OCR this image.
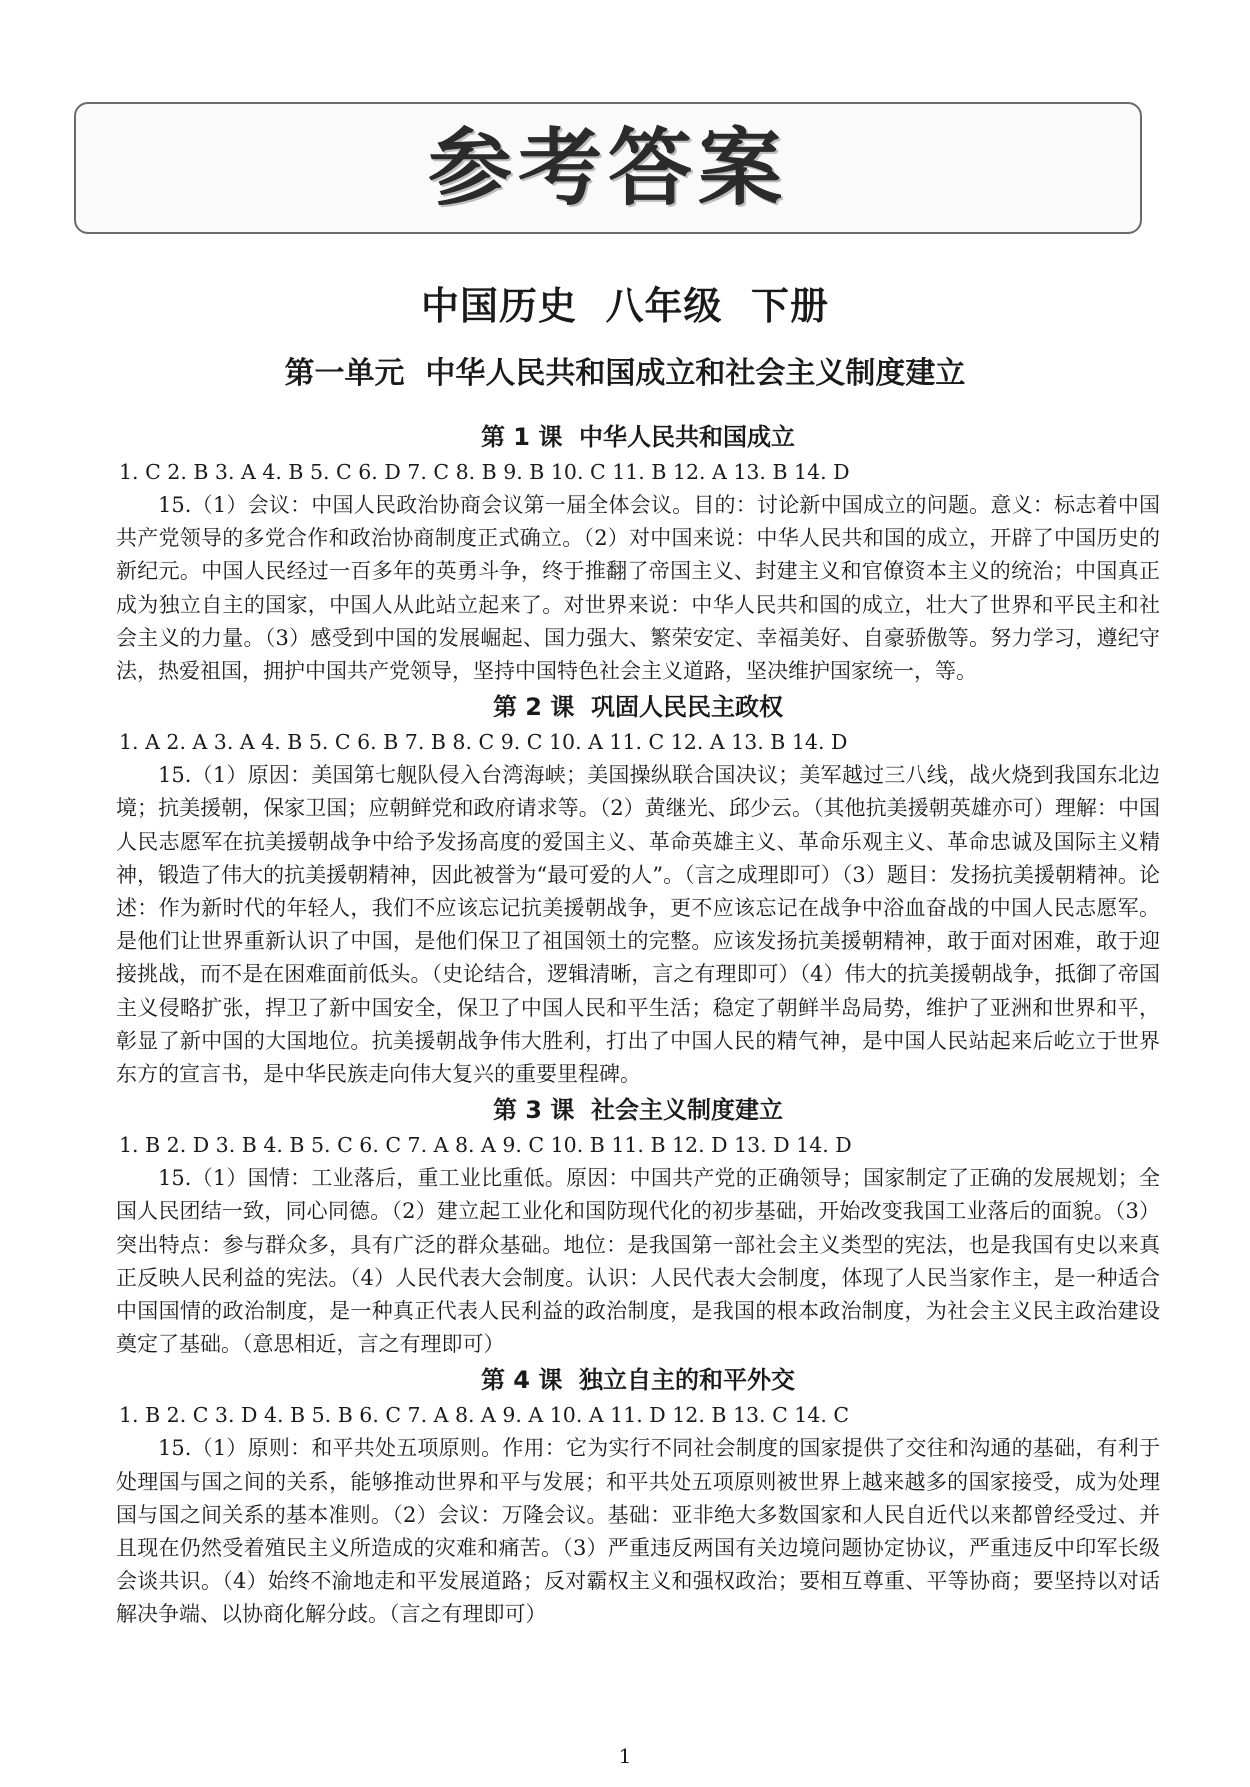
参考答案
中国历史  八年级  下册
第一单元  中华人民共和国成立和社会主义制度建立
第 1 课  中华人民共和国成立
1. C 2. B 3. A 4. B 5. C 6. D 7. C 8. B 9. B 10. C 11. B 12. A 13. B 14. D

15.（1）会议：中国人民政治协商会议第一届全体会议。目的：讨论新中国成立的问题。意义：标志着中国共产党领导的多党合作和政治协商制度正式确立。（2）对中国来说：中华人民共和国的成立，开辟了中国历史的新纪元。中国人民经过一百多年的英勇斗争，终于推翻了帝国主义、封建主义和官僚资本主义的统治；中国真正成为独立自主的国家，中国人从此站立起来了。对世界来说：中华人民共和国的成立，壮大了世界和平民主和社会主义的力量。（3）感受到中国的发展崛起、国力强大、繁荣安定、幸福美好、自豪骄傲等。努力学习，遵纪守法，热爱祖国，拥护中国共产党领导，坚持中国特色社会主义道路，坚决维护国家统一，等。

第 2 课  巩固人民民主政权
1. A 2. A 3. A 4. B 5. C 6. B 7. B 8. C 9. C 10. A 11. C 12. A 13. B 14. D

15.（1）原因：美国第七舰队侵入台湾海峡；美国操纵联合国决议；美军越过三八线，战火烧到我国东北边境；抗美援朝，保家卫国；应朝鲜党和政府请求等。（2）黄继光、邱少云。（其他抗美援朝英雄亦可）理解：中国人民志愿军在抗美援朝战争中给予发扬高度的爱国主义、革命英雄主义、革命乐观主义、革命忠诚及国际主义精神，锻造了伟大的抗美援朝精神，因此被誉为“最可爱的人”。（言之成理即可）（3）题目：发扬抗美援朝精神。论述：作为新时代的年轻人，我们不应该忘记抗美援朝战争，更不应该忘记在战争中浴血奋战的中国人民志愿军。是他们让世界重新认识了中国，是他们保卫了祖国领土的完整。应该发扬抗美援朝精神，敢于面对困难，敢于迎接挑战，而不是在困难面前低头。（史论结合，逻辑清晰，言之有理即可）（4）伟大的抗美援朝战争，抵御了帝国主义侵略扩张，捍卫了新中国安全，保卫了中国人民和平生活；稳定了朝鲜半岛局势，维护了亚洲和世界和平，彰显了新中国的大国地位。抗美援朝战争伟大胜利，打出了中国人民的精气神，是中国人民站起来后屹立于世界东方的宣言书，是中华民族走向伟大复兴的重要里程碑。

第 3 课  社会主义制度建立
1. B 2. D 3. B 4. B 5. C 6. C 7. A 8. A 9. C 10. B 11. B 12. D 13. D 14. D

15.（1）国情：工业落后，重工业比重低。原因：中国共产党的正确领导；国家制定了正确的发展规划；全国人民团结一致，同心同德。（2）建立起工业化和国防现代化的初步基础，开始改变我国工业落后的面貌。（3）突出特点：参与群众多，具有广泛的群众基础。地位：是我国第一部社会主义类型的宪法，也是我国有史以来真正反映人民利益的宪法。（4）人民代表大会制度。认识：人民代表大会制度，体现了人民当家作主，是一种适合中国国情的政治制度，是一种真正代表人民利益的政治制度，是我国的根本政治制度，为社会主义民主政治建设奠定了基础。（意思相近，言之有理即可）

第 4 课  独立自主的和平外交
1. B 2. C 3. D 4. B 5. B 6. C 7. A 8. A 9. A 10. A 11. D 12. B 13. C 14. C

15.（1）原则：和平共处五项原则。作用：它为实行不同社会制度的国家提供了交往和沟通的基础，有利于处理国与国之间的关系，能够推动世界和平与发展；和平共处五项原则被世界上越来越多的国家接受，成为处理国与国之间关系的基本准则。（2）会议：万隆会议。基础：亚非绝大多数国家和人民自近代以来都曾经受过、并且现在仍然受着殖民主义所造成的灾难和痛苦。（3）严重违反两国有关边境问题协定协议，严重违反中印军长级会谈共识。（4）始终不渝地走和平发展道路；反对霸权主义和强权政治；要相互尊重、平等协商；要坚持以对话解决争端、以协商化解分歧。（言之有理即可）

1
